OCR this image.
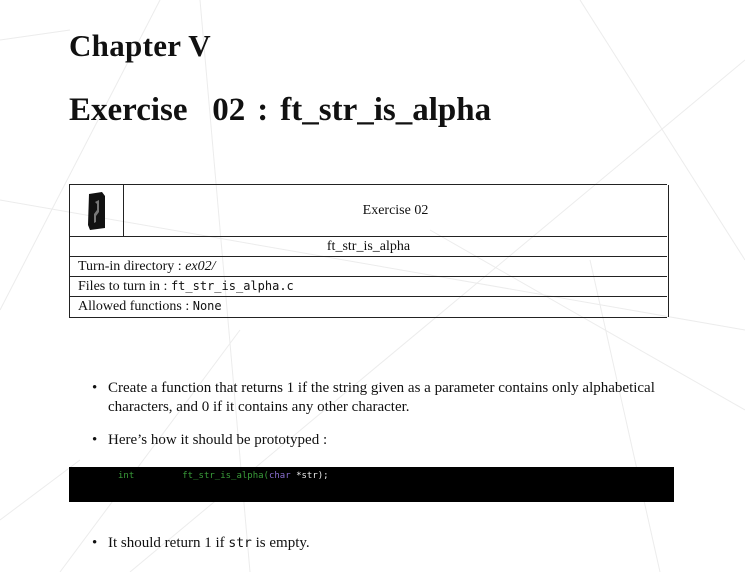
Chapter V
Exercise 02 : ft_str_is_alpha
Exercise 02
ft_str_is_alpha
Turn-in directory : ex02/
Files to turn in : ft_str_is_alpha.c
Allowed functions : None
• Create a function that returns 1 if the string given as a parameter contains only alphabetical characters, and 0 if it contains any other character.
• Here’s how it should be prototyped :
int	ft_str_is_alpha(char *str);
• It should return 1 if str is empty.
